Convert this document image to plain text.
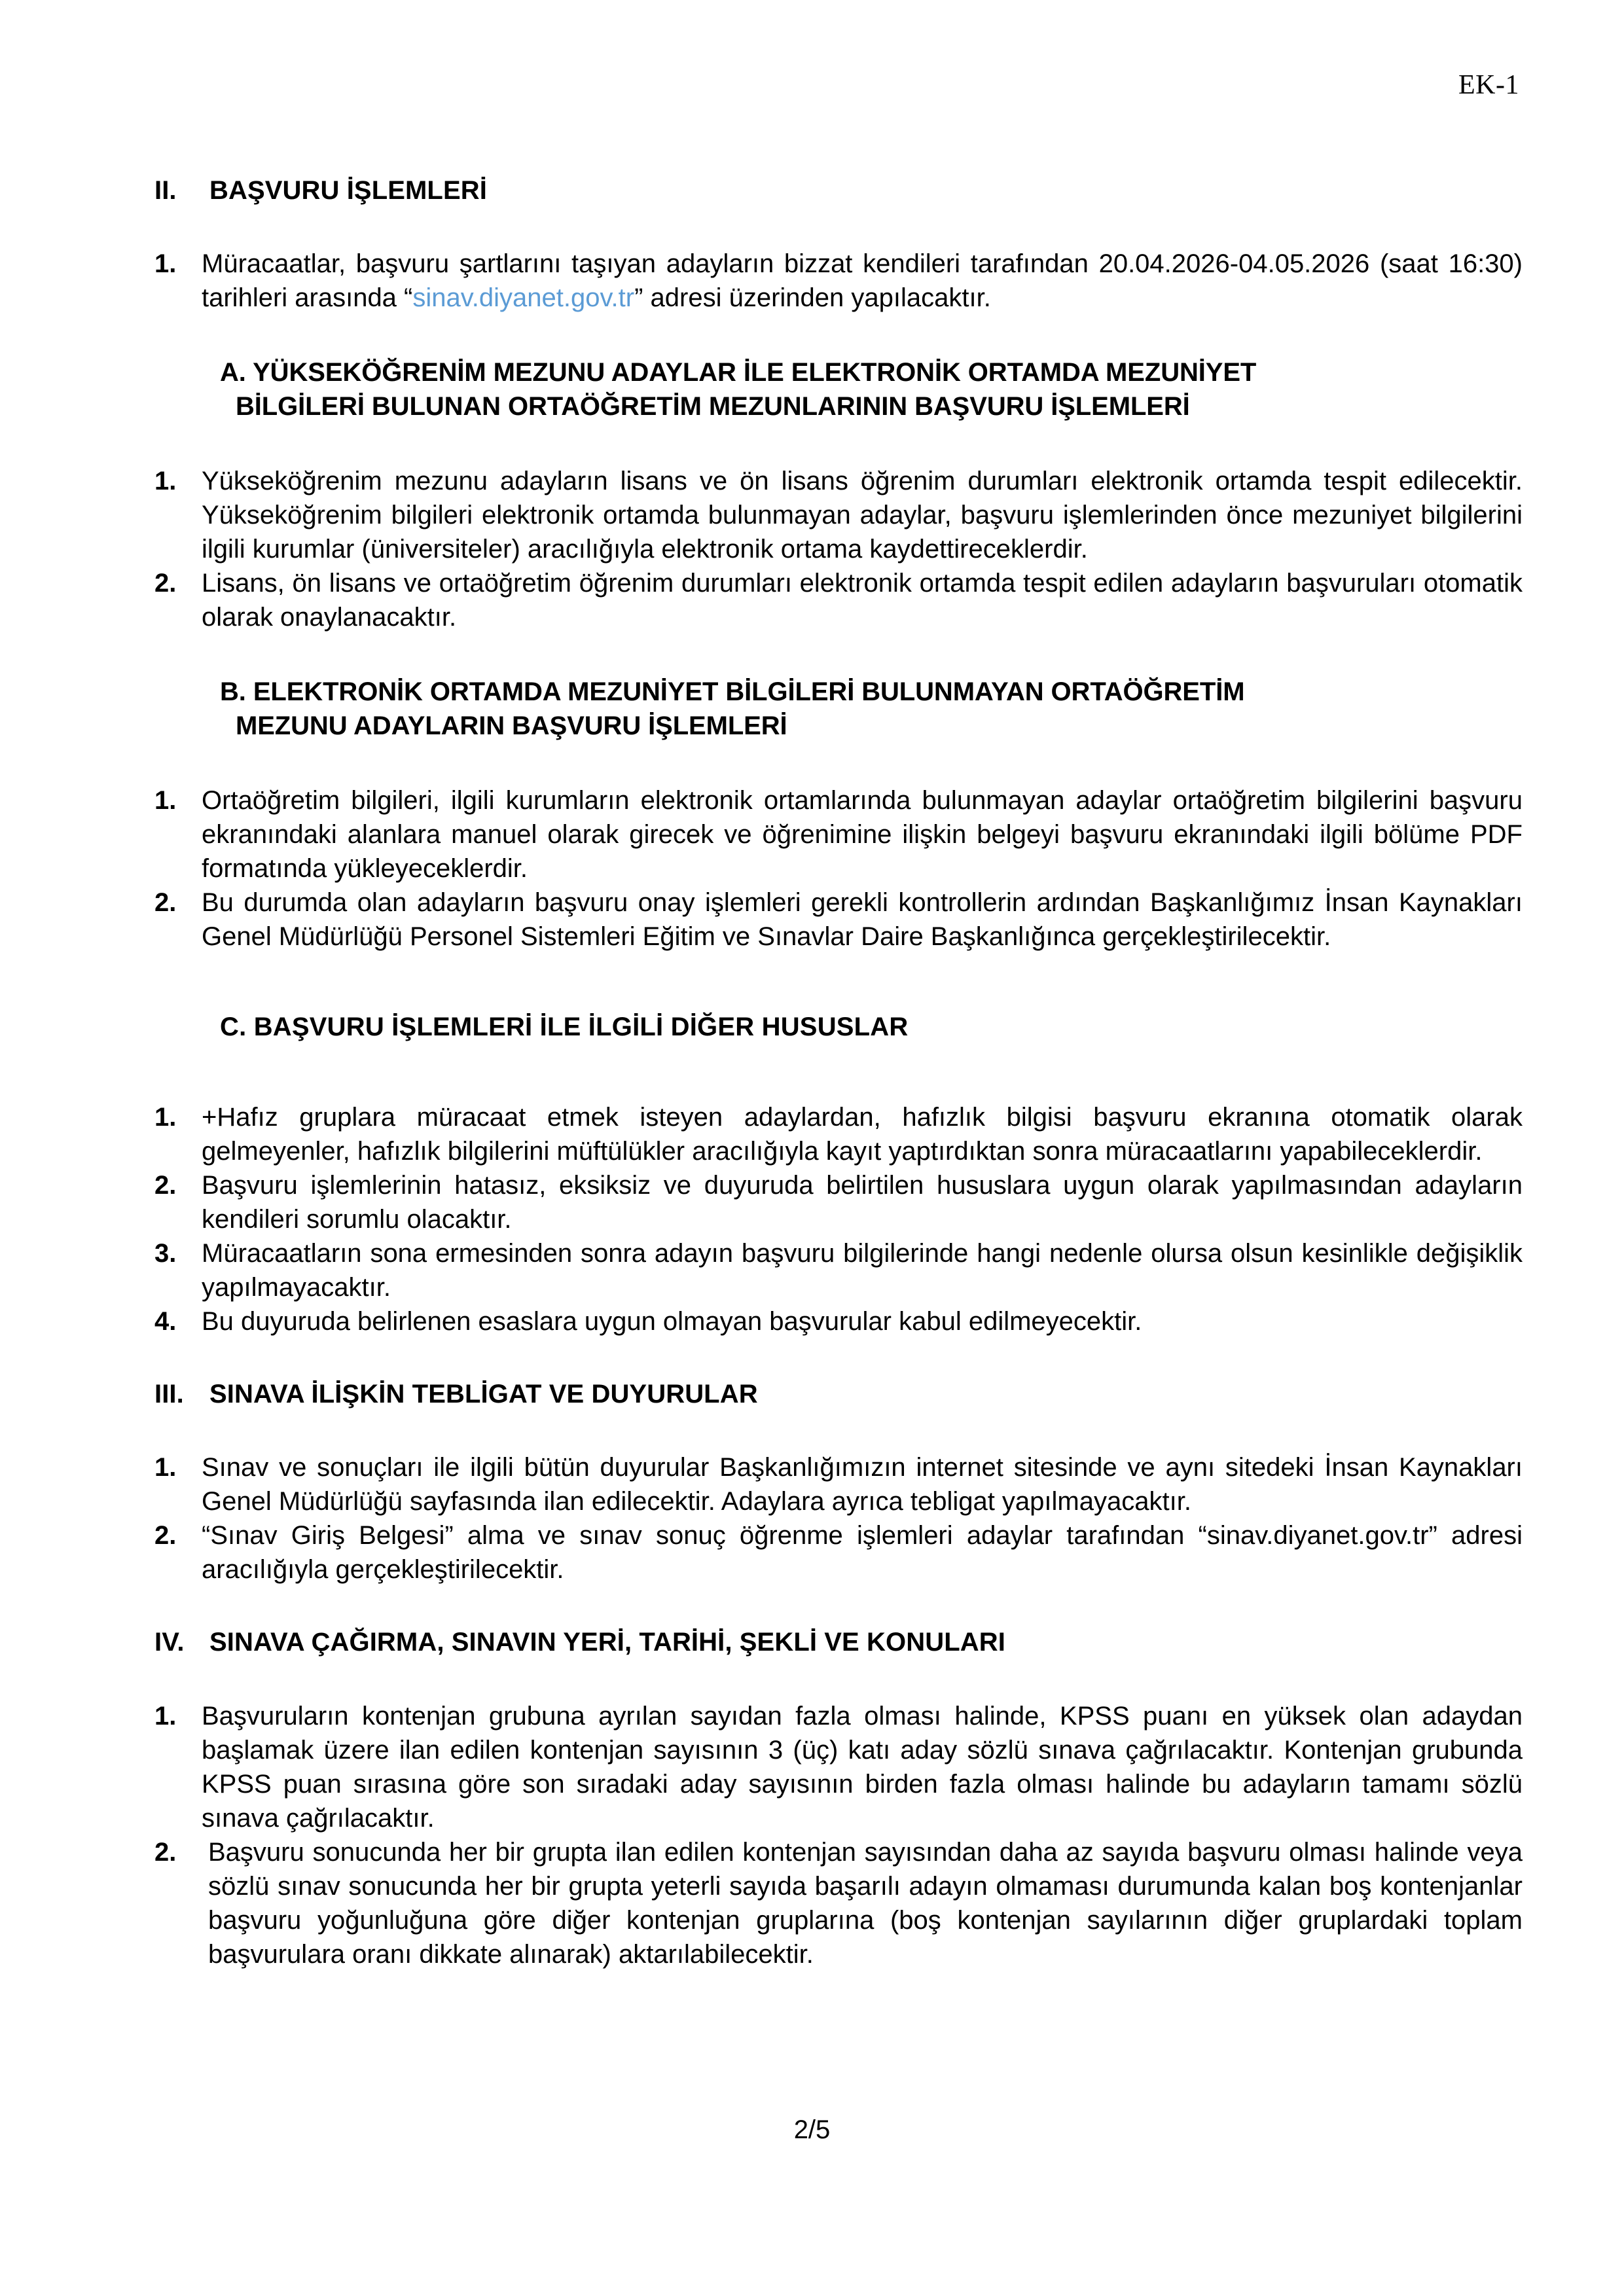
EK-1
II.	BAŞVURU İŞLEMLERİ
1. Müracaatlar, başvuru şartlarını taşıyan adayların bizzat kendileri tarafından 20.04.2026-04.05.2026 (saat 16:30) tarihleri arasında “sinav.diyanet.gov.tr” adresi üzerinden yapılacaktır.
A. YÜKSEKÖĞRENİM MEZUNU ADAYLAR İLE ELEKTRONİK ORTAMDA MEZUNİYET
BİLGİLERİ BULUNAN ORTAÖĞRETİM MEZUNLARININ BAŞVURU İŞLEMLERİ
1. Yükseköğrenim mezunu adayların lisans ve ön lisans öğrenim durumları elektronik ortamda tespit edilecektir. Yükseköğrenim bilgileri elektronik ortamda bulunmayan adaylar, başvuru işlemlerinden önce mezuniyet bilgilerini ilgili kurumlar (üniversiteler) aracılığıyla elektronik ortama kaydettireceklerdir.
2. Lisans, ön lisans ve ortaöğretim öğrenim durumları elektronik ortamda tespit edilen adayların başvuruları otomatik olarak onaylanacaktır.
B. ELEKTRONİK ORTAMDA MEZUNİYET BİLGİLERİ BULUNMAYAN ORTAÖĞRETİM
MEZUNU ADAYLARIN BAŞVURU İŞLEMLERİ
1. Ortaöğretim bilgileri, ilgili kurumların elektronik ortamlarında bulunmayan adaylar ortaöğretim bilgilerini başvuru ekranındaki alanlara manuel olarak girecek ve öğrenimine ilişkin belgeyi başvuru ekranındaki ilgili bölüme PDF formatında yükleyeceklerdir.
2. Bu durumda olan adayların başvuru onay işlemleri gerekli kontrollerin ardından Başkanlığımız İnsan Kaynakları Genel Müdürlüğü Personel Sistemleri Eğitim ve Sınavlar Daire Başkanlığınca gerçekleştirilecektir.
C. BAŞVURU İŞLEMLERİ İLE İLGİLİ DİĞER HUSUSLAR
1. +Hafız gruplara müracaat etmek isteyen adaylardan, hafızlık bilgisi başvuru ekranına otomatik olarak gelmeyenler, hafızlık bilgilerini müftülükler aracılığıyla kayıt yaptırdıktan sonra müracaatlarını yapabileceklerdir.
2. Başvuru işlemlerinin hatasız, eksiksiz ve duyuruda belirtilen hususlara uygun olarak yapılmasından adayların kendileri sorumlu olacaktır.
3. Müracaatların sona ermesinden sonra adayın başvuru bilgilerinde hangi nedenle olursa olsun kesinlikle değişiklik yapılmayacaktır.
4. Bu duyuruda belirlenen esaslara uygun olmayan başvurular kabul edilmeyecektir.
III. SINAVA İLİŞKİN TEBLİGAT VE DUYURULAR
1. Sınav ve sonuçları ile ilgili bütün duyurular Başkanlığımızın internet sitesinde ve aynı sitedeki İnsan Kaynakları Genel Müdürlüğü sayfasında ilan edilecektir. Adaylara ayrıca tebligat yapılmayacaktır.
2. “Sınav Giriş Belgesi” alma ve sınav sonuç öğrenme işlemleri adaylar tarafından “sinav.diyanet.gov.tr” adresi aracılığıyla gerçekleştirilecektir.
IV. SINAVA ÇAĞIRMA, SINAVIN YERİ, TARİHİ, ŞEKLİ VE KONULARI
1. Başvuruların kontenjan grubuna ayrılan sayıdan fazla olması halinde, KPSS puanı en yüksek olan adaydan başlamak üzere ilan edilen kontenjan sayısının 3 (üç) katı aday sözlü sınava çağrılacaktır. Kontenjan grubunda KPSS puan sırasına göre son sıradaki aday sayısının birden fazla olması halinde bu adayların tamamı sözlü sınava çağrılacaktır.
2.	Başvuru sonucunda her bir grupta ilan edilen kontenjan sayısından daha az sayıda başvuru olması halinde veya sözlü sınav sonucunda her bir grupta yeterli sayıda başarılı adayın olmaması durumunda kalan boş kontenjanlar başvuru yoğunluğuna göre diğer kontenjan gruplarına (boş kontenjan sayılarının diğer gruplardaki toplam başvurulara oranı dikkate alınarak) aktarılabilecektir.
2/5
